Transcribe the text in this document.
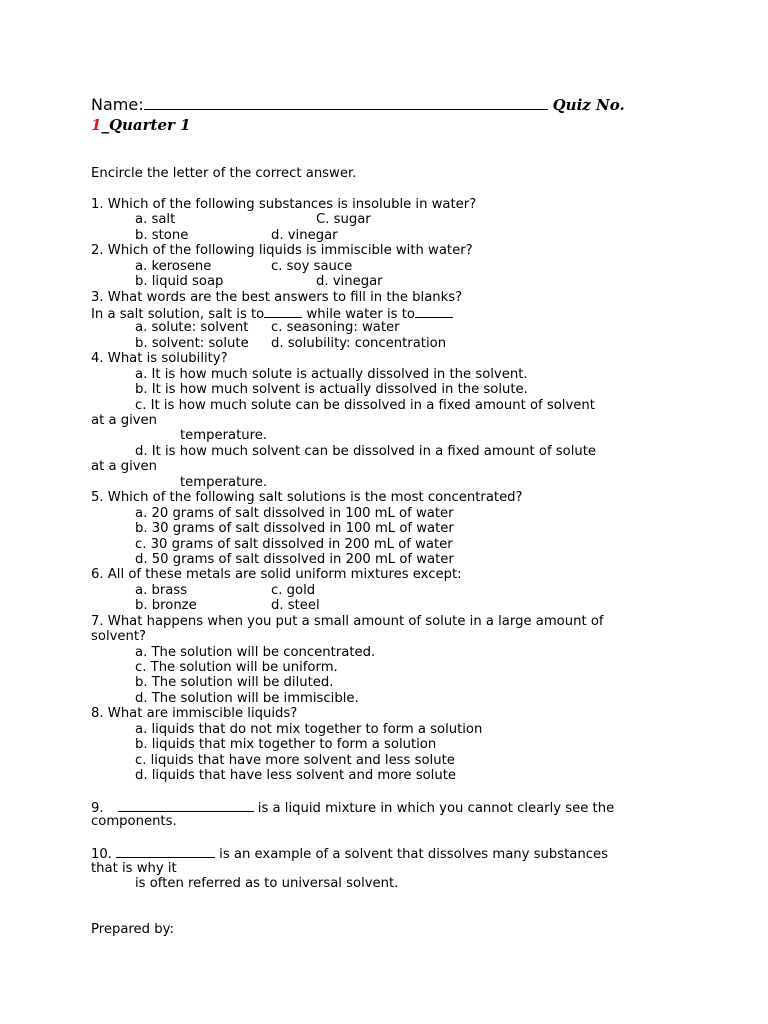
Name:	Quiz No.
1_Quarter 1
Encircle the letter of the correct answer.
1. Which of the following substances is insoluble in water?
a. salt	C. sugar
b. stone	d. vinegar
2. Which of the following liquids is immiscible with water?
a. kerosene	c. soy sauce
b. liquid soap	d. vinegar
3. What words are the best answers to fill in the blanks?
In a salt solution, salt is to	while water is to
a. solute: solvent c. seasoning: water
b. solvent: solute d. solubility: concentration
4. What is solubility?
a. It is how much solute is actually dissolved in the solvent.
b. It is how much solvent is actually dissolved in the solute.
c. It is how much solute can be dissolved in a fixed amount of solvent
at a given
temperature.
d. It is how much solvent can be dissolved in a fixed amount of solute
at a given
temperature.
5. Which of the following salt solutions is the most concentrated?
a. 20 grams of salt dissolved in 100 mL of water
b. 30 grams of salt dissolved in 100 mL of water
c. 30 grams of salt dissolved in 200 mL of water
d. 50 grams of salt dissolved in 200 mL of water
6. All of these metals are solid uniform mixtures except:
a. brass	c. gold
b. bronze	d. steel
7. What happens when you put a small amount of solute in a large amount of
solvent?
a. The solution will be concentrated.
c. The solution will be uniform.
b. The solution will be diluted.
d. The solution will be immiscible.
8. What are immiscible liquids?
a. liquids that do not mix together to form a solution
b. liquids that mix together to form a solution
c. liquids that have more solvent and less solute
d. liquids that have less solvent and more solute
9.	is a liquid mixture in which you cannot clearly see the
components.
10.	is an example of a solvent that dissolves many substances
that is why it
is often referred as to universal solvent.
Prepared by:
